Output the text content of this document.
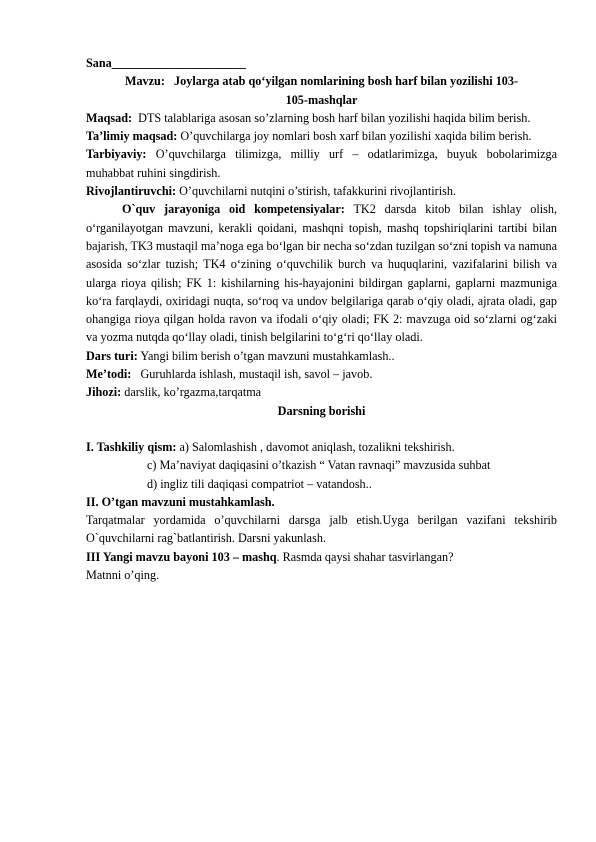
Sana______________________

Mavzu: Joylarga atab qo‘yilgan nomlarining bosh harf bilan yozilishi 103-

105-mashqlar

Maqsad: DTS talablariga asosan so’zlarning bosh harf bilan yozilishi haqida bilim berish.

Ta’limiy maqsad: O’quvchilarga joy nomlari bosh xarf bilan yozilishi xaqida bilim berish.

Tarbiyaviy: O’quvchilarga tilimizga, milliy urf – odatlarimizga, buyuk bobolarimizga muhabbat ruhini singdirish.

Rivojlantiruvchi: O’quvchilarni nutqini o’stirish, tafakkurini rivojlantirish.

O`quv jarayoniga oid kompetensiyalar: TK2 darsda kitob bilan ishlay olish, o‘rganilayotgan mavzuni, kerakli qoidani, mashqni topish, mashq topshiriqlarini tartibi bilan bajarish, TK3 mustaqil ma’noga ega bo‘lgan bir necha so‘zdan tuzilgan so‘zni topish va namuna asosida so‘zlar tuzish; TK4 o‘zining o‘quvchilik burch va huquqlarini, vazifalarini bilish va ularga rioya qilish; FK 1: kishilarning his-hayajonini bildirgan gaplarni, gaplarni mazmuniga ko‘ra farqlaydi, oxiridagi nuqta, so‘roq va undov belgilariga qarab o‘qiy oladi, ajrata oladi, gap ohangiga rioya qilgan holda ravon va ifodali o‘qiy oladi; FK 2: mavzuga oid so‘zlarni og‘zaki va yozma nutqda qo‘llay oladi, tinish belgilarini to‘g‘ri qo‘llay oladi.

Dars turi: Yangi bilim berish o’tgan mavzuni mustahkamlash..

Me’todi: Guruhlarda ishlash, mustaqil ish, savol – javob.

Jihozi: darslik, ko’rgazma,tarqatma

Darsning borishi

I. Tashkiliy qism: a) Salomlashish , davomot aniqlash, tozalikni tekshirish.

c) Ma’naviyat daqiqasini o’tkazish “ Vatan ravnaqi” mavzusida suhbat

d) ingliz tili daqiqasi compatriot – vatandosh..

II. O’tgan mavzuni mustahkamlash.

Tarqatmalar yordamida o’quvchilarni darsga jalb etish.Uyga berilgan vazifani tekshirib O`quvchilarni rag`batlantirish. Darsni yakunlash.

III Yangi mavzu bayoni 103 – mashq. Rasmda qaysi shahar tasvirlangan?

Matnni o’qing.
